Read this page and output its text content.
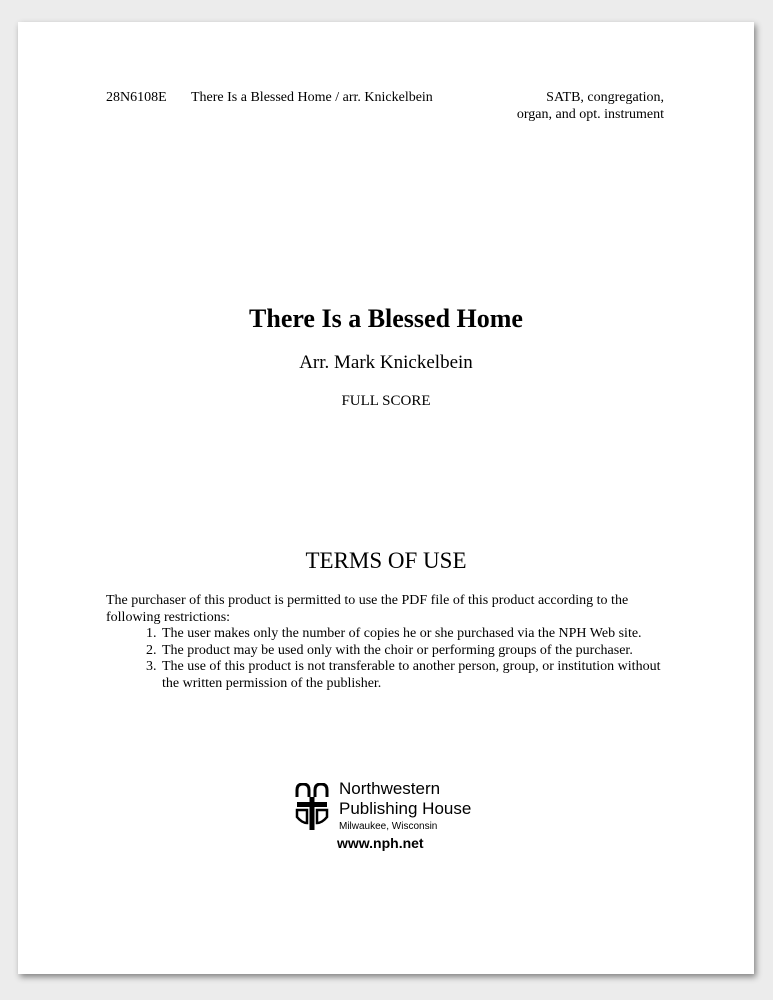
28N6108E There Is a Blessed Home / arr. Knickelbein	SATB, congregation,
organ, and opt. instrument
There Is a Blessed Home
Arr. Mark Knickelbein
FULL SCORE
TERMS OF USE
The purchaser of this product is permitted to use the PDF file of this product according to the following restrictions:
1. The user makes only the number of copies he or she purchased via the NPH Web site.
2. The product may be used only with the choir or performing groups of the purchaser.
3. The use of this product is not transferable to another person, group, or institution without the written permission of the publisher.
Northwestern
Publishing House
Milwaukee, Wisconsin
www.nph.net
